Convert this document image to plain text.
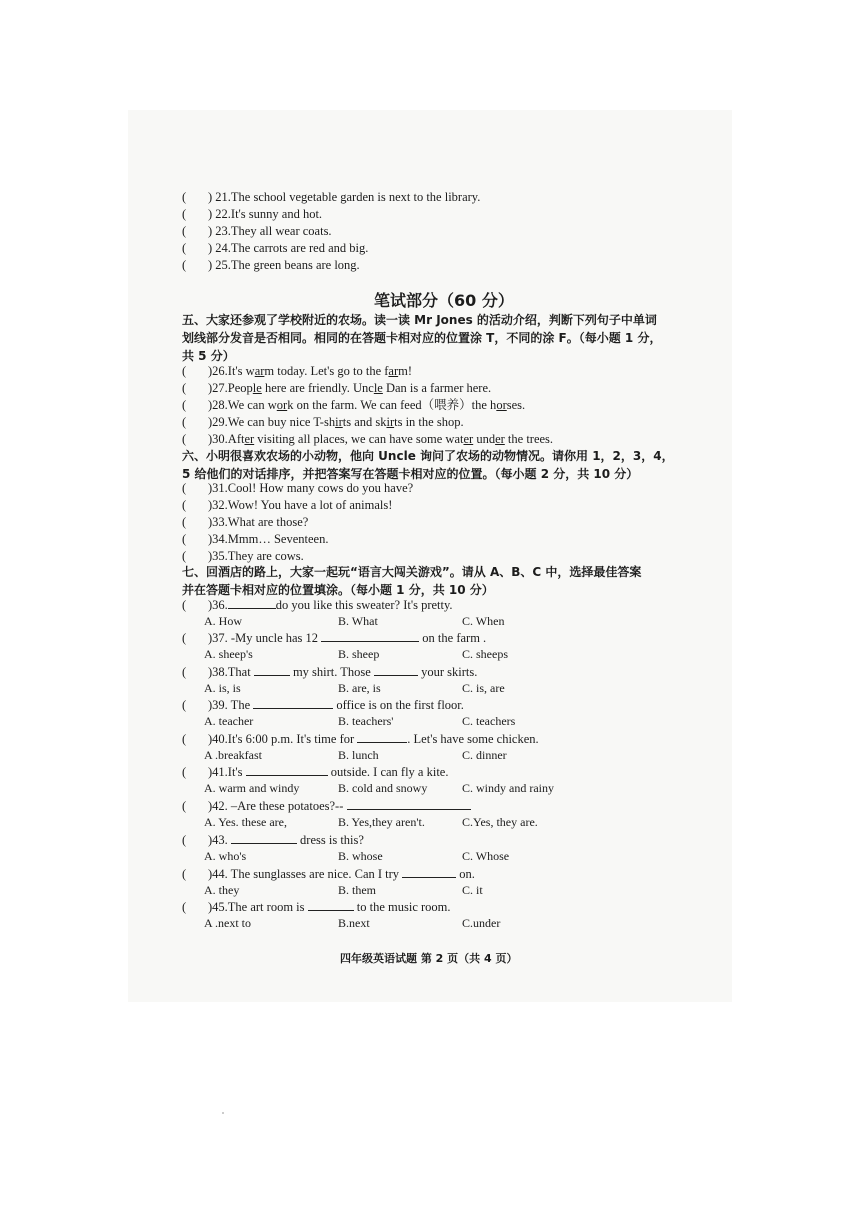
( ) 21.The school vegetable garden is next to the library.
( ) 22.It's sunny and hot.
( ) 23.They all wear coats.
( ) 24.The carrots are red and big.
( ) 25.The green beans are long.
笔试部分（60 分）
五、大家还参观了学校附近的农场。读一读 Mr Jones 的活动介绍，判断下列句子中单词
划线部分发音是否相同。相同的在答题卡相对应的位置涂 T，不同的涂 F。（每小题 1 分，
共 5 分）
( )26.It's warm today. Let's go to the farm!
( )27.People here are friendly. Uncle Dan is a farmer here.
( )28.We can work on the farm. We can feed（喂养）the horses.
( )29.We can buy nice T-shirts and skirts in the shop.
( )30.After visiting all places, we can have some water under the trees.
六、小明很喜欢农场的小动物，他向 Uncle 询问了农场的动物情况。请你用 1，2，3，4，
5 给他们的对话排序，并把答案写在答题卡相对应的位置。（每小题 2 分，共 10 分）
( )31.Cool! How many cows do you have?
( )32.Wow! You have a lot of animals!
( )33.What are those?
( )34.Mmm… Seventeen.
( )35.They are cows.
七、回酒店的路上，大家一起玩“语言大闯关游戏”。请从 A、B、C 中，选择最佳答案
并在答题卡相对应的位置填涂。（每小题 1 分，共 10 分）
( )36.	do you like this sweater? It's pretty.
A. How	B. What	C. When
( )37. -My uncle has 12	on the farm .
A. sheep's	B. sheep	C. sheeps
( )38.That	my shirt. Those	your skirts.
A. is, is	B. are, is	C. is, are
( )39. The	office is on the first floor.
A. teacher	B. teachers'	C. teachers
( )40.It's 6:00 p.m. It's time for	. Let's have some chicken.
A .breakfast	B. lunch	C. dinner
( )41.It's	outside. I can fly a kite.
A. warm and windy	B. cold and snowy	C. windy and rainy
( )42. –Are these potatoes?--
A. Yes. these are,	B. Yes,they aren't.	C.Yes, they are.
( )43.	dress is this?
A. who's	B. whose	C. Whose
( )44. The sunglasses are nice. Can I try	on.
A. they	B. them	C. it
( )45.The art room is	to the music room.
A .next to	B.next	C.under
四年级英语试题 第 2 页（共 4 页）
